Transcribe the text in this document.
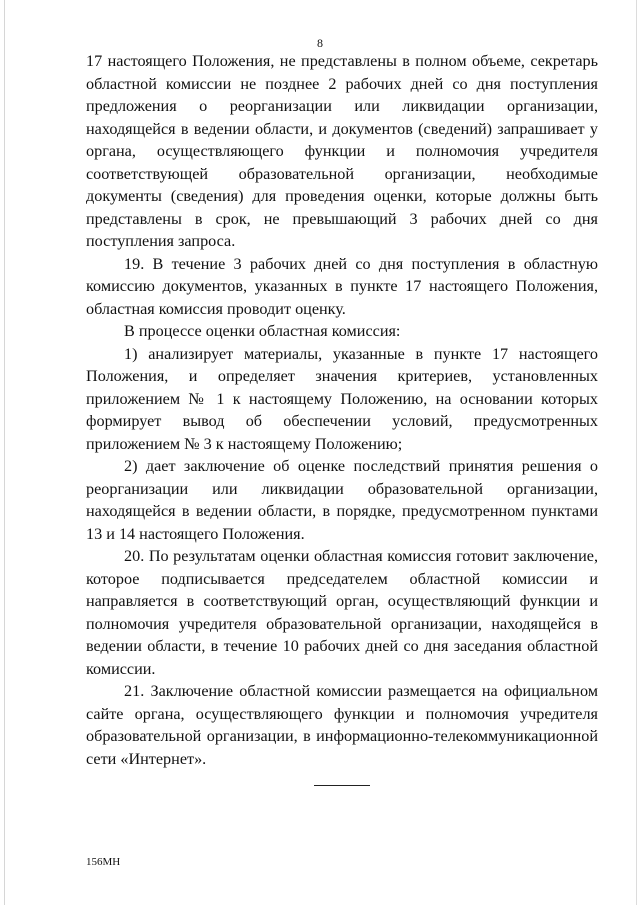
8

17 настоящего Положения, не представлены в полном объеме, секретарь областной комиссии не позднее 2 рабочих дней со дня поступления предложения о реорганизации или ликвидации организации, находящейся в ведении области, и документов (сведений) запрашивает у органа, осуществляющего функции и полномочия учредителя соответствующей образовательной организации, необходимые документы (сведения) для проведения оценки, которые должны быть представлены в срок, не превышающий 3 рабочих дней со дня поступления запроса.

19. В течение 3 рабочих дней со дня поступления в областную комиссию документов, указанных в пункте 17 настоящего Положения, областная комиссия проводит оценку.

В процессе оценки областная комиссия:

1) анализирует материалы, указанные в пункте 17 настоящего Положения, и определяет значения критериев, установленных приложением № 1 к настоящему Положению, на основании которых формирует вывод об обеспечении условий, предусмотренных приложением № 3 к настоящему Положению;

2) дает заключение об оценке последствий принятия решения о реорганизации или ликвидации образовательной организации, находящейся в ведении области, в порядке, предусмотренном пунктами 13 и 14 настоящего Положения.

20. По результатам оценки областная комиссия готовит заключение, которое подписывается председателем областной комиссии и направляется в соответствующий орган, осуществляющий функции и полномочия учредителя образовательной организации, находящейся в ведении области, в течение 10 рабочих дней со дня заседания областной комиссии.

21. Заключение областной комиссии размещается на официальном сайте органа, осуществляющего функции и полномочия учредителя образовательной организации, в информационно-телекоммуникационной сети «Интернет».

156МН
